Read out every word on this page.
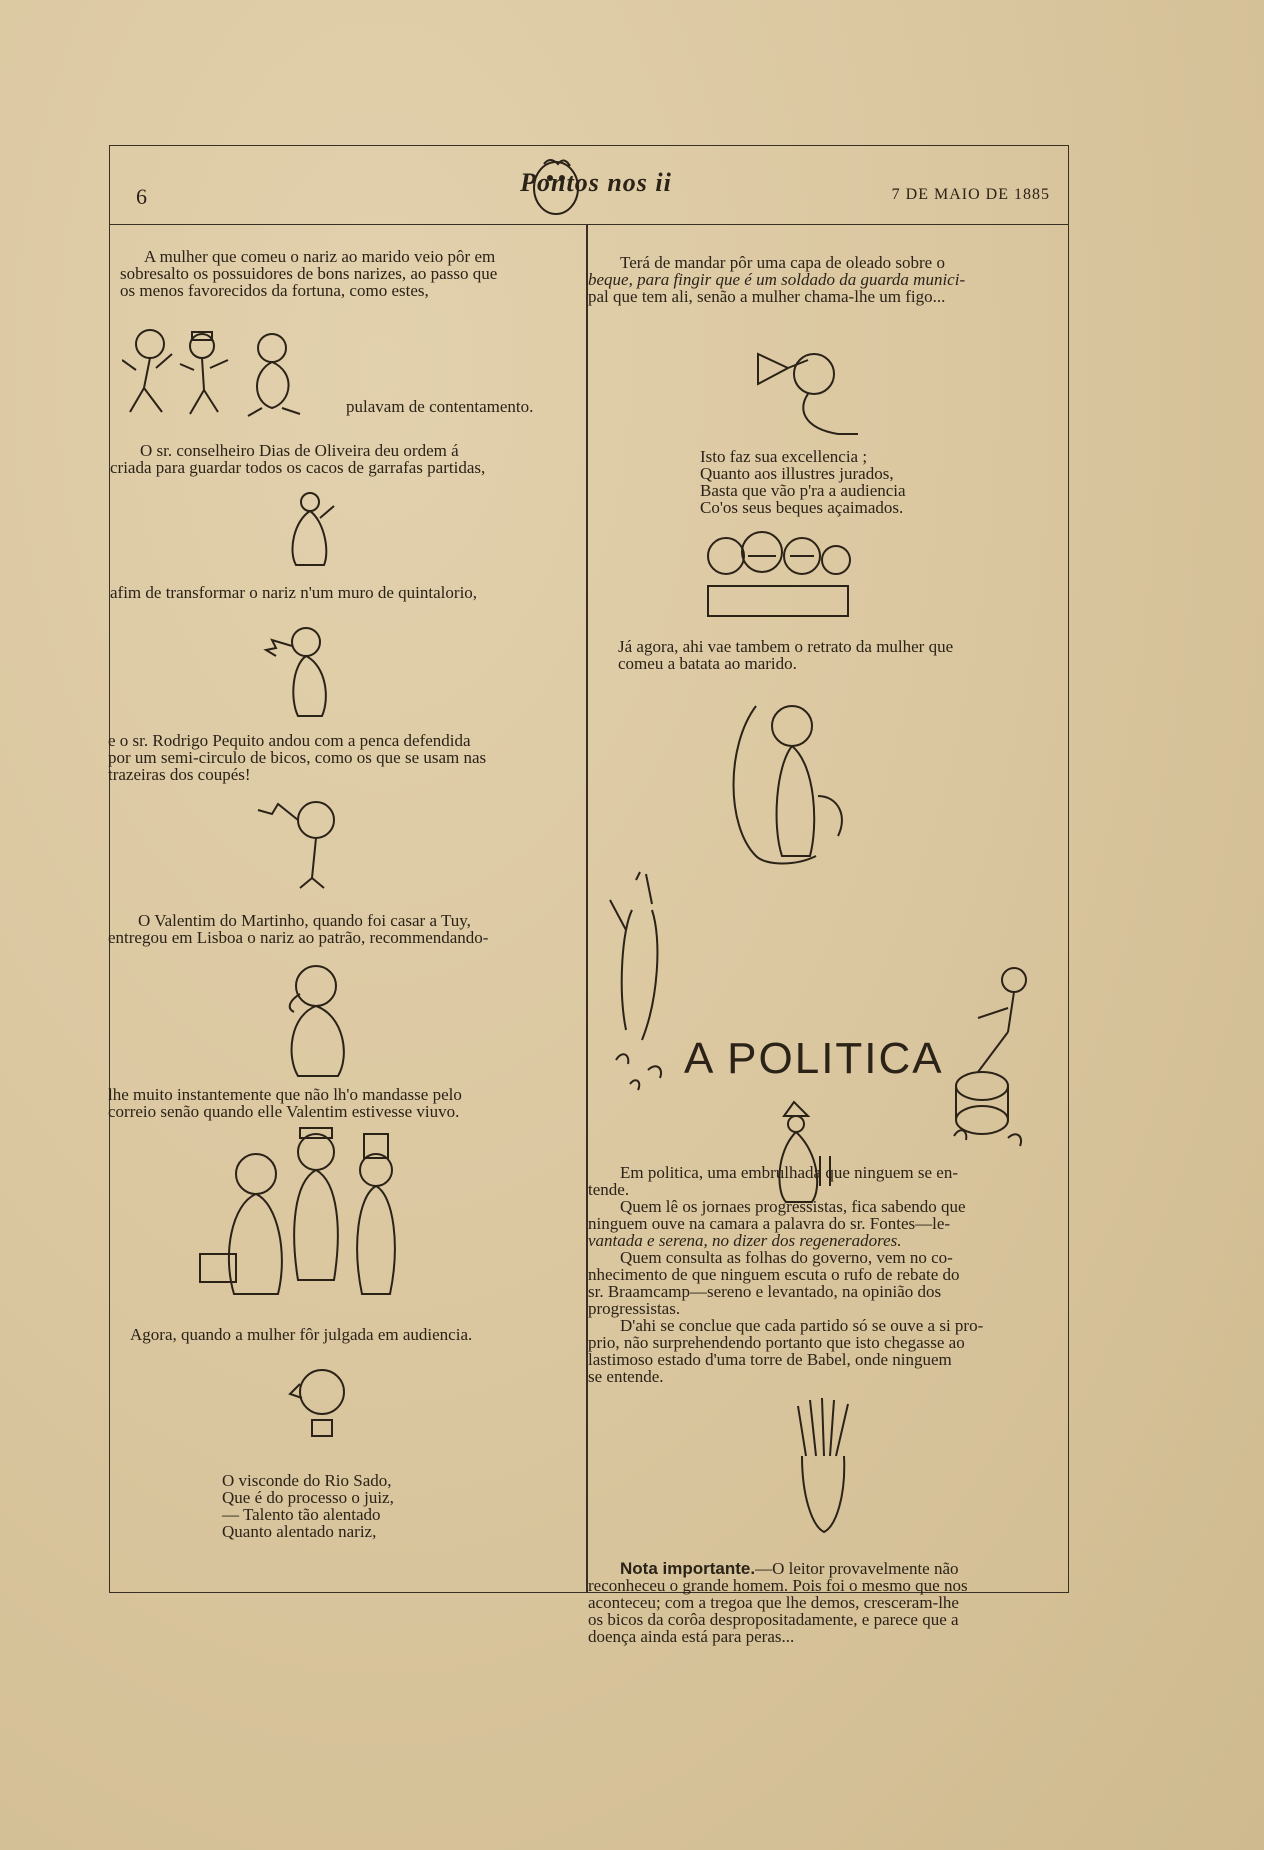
6	Pontos nos ii	7 DE MAIO DE 1885

A mulher que comeu o nariz ao marido veio pôr em

sobresalto os possuidores de bons narizes, ao passo que

os menos favorecidos da fortuna, como estes,

pulavam de contentamento.

O sr. conselheiro Dias de Oliveira deu ordem á

criada para guardar todos os cacos de garrafas partidas,

afim de transformar o nariz n'um muro de quintalorio,

e o sr. Rodrigo Pequito andou com a penca defendida

por um semi-circulo de bicos, como os que se usam nas

trazeiras dos coupés!

O Valentim do Martinho, quando foi casar a Tuy,

entregou em Lisboa o nariz ao patrão, recommendando-

lhe muito instantemente que não lh'o mandasse pelo

correio senão quando elle Valentim estivesse viuvo.

Agora, quando a mulher fôr julgada em audiencia.

O visconde do Rio Sado,

Que é do processo o juiz,

— Talento tão alentado

Quanto alentado nariz,

Terá de mandar pôr uma capa de oleado sobre o

beque, para fingir que é um soldado da guarda munici-

pal que tem ali, senão a mulher chama-lhe um figo...

Isto faz sua excellencia ;

Quanto aos illustres jurados,

Basta que vão p'ra a audiencia

Co'os seus beques açaimados.

Já agora, ahi vae tambem o retrato da mulher que

comeu a batata ao marido.

A POLITICA

Em politica, uma embrulhada que ninguem se en-

tende.

Quem lê os jornaes progressistas, fica sabendo que

ninguem ouve na camara a palavra do sr. Fontes—le-

vantada e serena, no dizer dos regeneradores.

Quem consulta as folhas do governo, vem no co-

nhecimento de que ninguem escuta o rufo de rebate do

sr. Braamcamp—sereno e levantado, na opinião dos

progressistas.

D'ahi se conclue que cada partido só se ouve a si pro-

prio, não surprehendendo portanto que isto chegasse ao

lastimoso estado d'uma torre de Babel, onde ninguem

se entende.

Nota importante.—O leitor provavelmente não

reconheceu o grande homem. Pois foi o mesmo que nos

aconteceu; com a tregoa que lhe demos, cresceram-lhe

os bicos da corôa despropositadamente, e parece que a

doença ainda está para peras...
